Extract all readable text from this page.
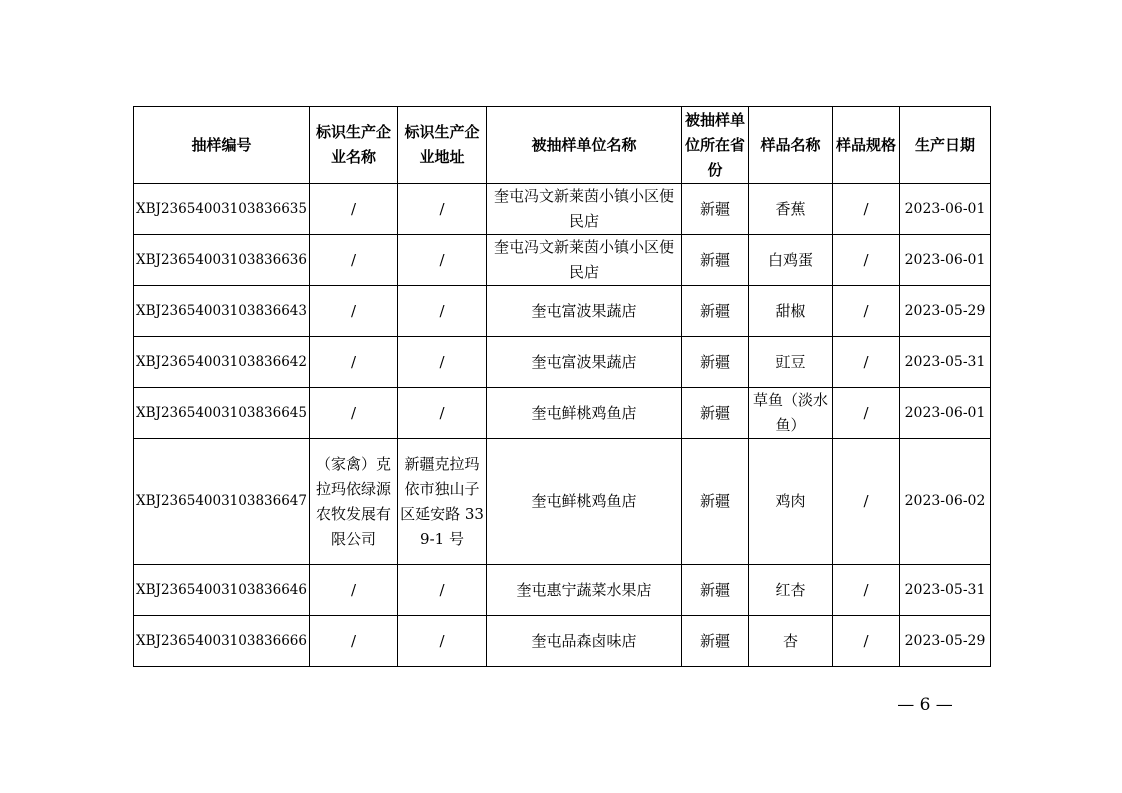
抽样编号	标识生产企业名称	标识生产企业地址	被抽样单位名称	被抽样单位所在省份	样品名称	样品规格	生产日期
XBJ23654003103836635	/	/	奎屯冯文新莱茵小镇小区便民店	新疆	香蕉	/	2023-06-01
XBJ23654003103836636	/	/	奎屯冯文新莱茵小镇小区便民店	新疆	白鸡蛋	/	2023-06-01
XBJ23654003103836643	/	/	奎屯富波果蔬店	新疆	甜椒	/	2023-05-29
XBJ23654003103836642	/	/	奎屯富波果蔬店	新疆	豇豆	/	2023-05-31
XBJ23654003103836645	/	/	奎屯鲜桃鸡鱼店	新疆	草鱼（淡水鱼）	/	2023-06-01
XBJ23654003103836647	（家禽）克拉玛依绿源农牧发展有限公司	新疆克拉玛依市独山子区延安路 339-1 号	奎屯鲜桃鸡鱼店	新疆	鸡肉	/	2023-06-02
XBJ23654003103836646	/	/	奎屯惠宁蔬菜水果店	新疆	红杏	/	2023-05-31
XBJ23654003103836666	/	/	奎屯品森卤味店	新疆	杏	/	2023-05-29
— 6 —
